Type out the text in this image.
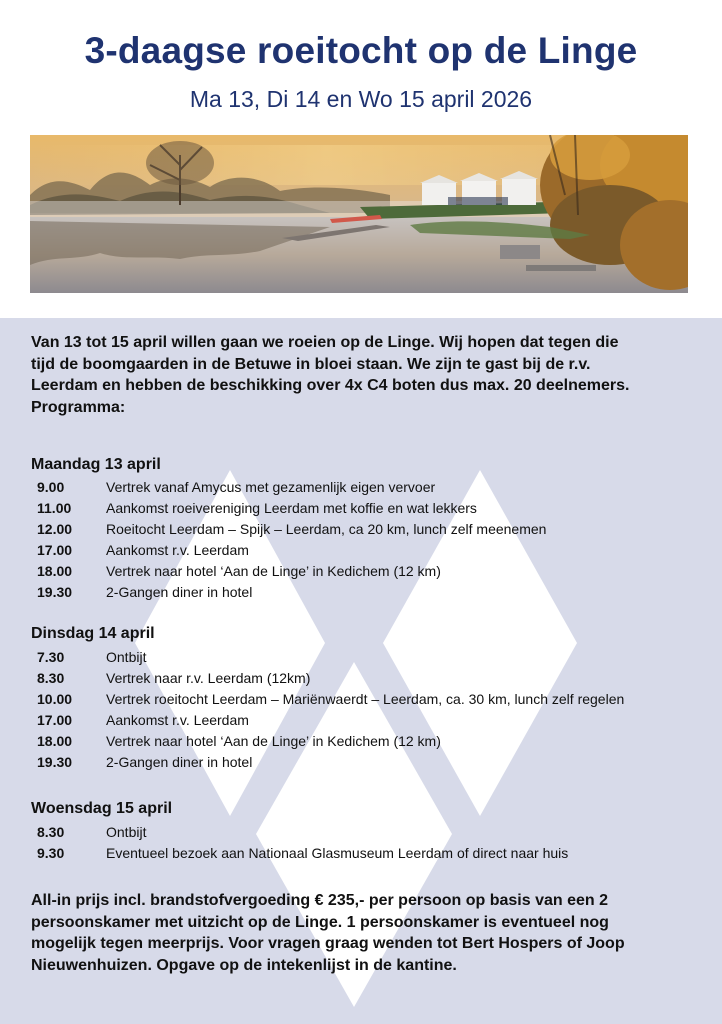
3-daagse roeitocht op de Linge
Ma 13, Di 14 en Wo 15 april 2026
Van 13 tot 15 april willen gaan we roeien op de Linge. Wij hopen dat tegen die
tijd de boomgaarden in de Betuwe in bloei staan. We zijn te gast bij de r.v.
Leerdam en hebben de beschikking over 4x C4 boten dus max. 20 deelnemers.
Programma:
Maandag 13 april
9.00	Vertrek vanaf Amycus met gezamenlijk eigen vervoer
11.00	Aankomst roeivereniging Leerdam met koffie en wat lekkers
12.00	Roeitocht Leerdam – Spijk – Leerdam, ca 20 km, lunch zelf meenemen
17.00	Aankomst r.v. Leerdam
18.00	Vertrek naar hotel ‘Aan de Linge’ in Kedichem (12 km)
19.30	2-Gangen diner in hotel
Dinsdag 14 april
7.30	Ontbijt
8.30	Vertrek naar r.v. Leerdam (12km)
10.00	Vertrek roeitocht Leerdam – Mariënwaerdt – Leerdam, ca. 30 km, lunch zelf regelen
17.00	Aankomst r.v. Leerdam
18.00	Vertrek naar hotel ‘Aan de Linge’ in Kedichem (12 km)
19.30	2-Gangen diner in hotel
Woensdag 15 april
8.30	Ontbijt
9.30	Eventueel bezoek aan Nationaal Glasmuseum Leerdam of direct naar huis
All-in prijs incl. brandstofvergoeding € 235,- per persoon op basis van een 2
persoonskamer met uitzicht op de Linge. 1 persoonskamer is eventueel nog
mogelijk tegen meerprijs. Voor vragen graag wenden tot Bert Hospers of Joop
Nieuwenhuizen. Opgave op de intekenlijst in de kantine.
